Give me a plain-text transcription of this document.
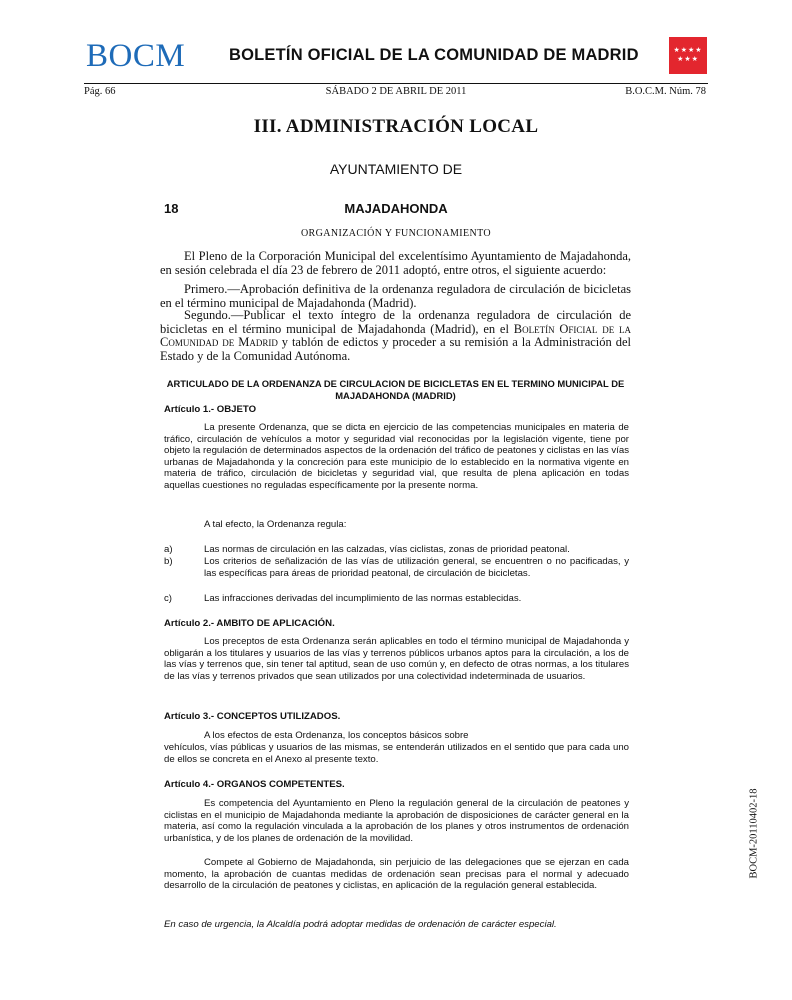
BOCM	BOLETÍN OFICIAL DE LA COMUNIDAD DE MADRID	★★★★
★★★
Pág. 66	SÁBADO 2 DE ABRIL DE 2011	B.O.C.M. Núm. 78
III. ADMINISTRACIÓN LOCAL
AYUNTAMIENTO DE
18	MAJADAHONDA
ORGANIZACIÓN Y FUNCIONAMIENTO
El Pleno de la Corporación Municipal del excelentísimo Ayuntamiento de Majadahonda, en sesión celebrada el día 23 de febrero de 2011 adoptó, entre otros, el siguiente acuerdo:
Primero.—Aprobación definitiva de la ordenanza reguladora de circulación de bicicletas en el término municipal de Majadahonda (Madrid).
Segundo.—Publicar el texto íntegro de la ordenanza reguladora de circulación de bicicletas en el término municipal de Majadahonda (Madrid), en el Boletín Oficial de la Comunidad de Madrid y tablón de edictos y proceder a su remisión a la Administración del Estado y de la Comunidad Autónoma.
ARTICULADO DE LA ORDENANZA DE CIRCULACION DE BICICLETAS EN EL TERMINO MUNICIPAL DE MAJADAHONDA (MADRID)
Artículo 1.- OBJETO
La presente Ordenanza, que se dicta en ejercicio de las competencias municipales en materia de tráfico, circulación de vehículos a motor y seguridad vial reconocidas por la legislación vigente, tiene por objeto la regulación de determinados aspectos de la ordenación del tráfico de peatones y ciclistas en las vías urbanas de Majadahonda y la concreción para este municipio de lo establecido en la normativa vigente en materia de tráfico, circulación de bicicletas y seguridad vial, que resulta de plena aplicación en todas aquellas cuestiones no reguladas específicamente por la presente norma.
A tal efecto, la Ordenanza regula:
a)	Las normas de circulación en las calzadas, vías ciclistas, zonas de prioridad peatonal.
b)	Los criterios de señalización de las vías de utilización general, se encuentren o no pacificadas, y las específicas para áreas de prioridad peatonal, de circulación de bicicletas.
c)	Las infracciones derivadas del incumplimiento de las normas establecidas.
Artículo 2.- AMBITO DE APLICACIÓN.
Los preceptos de esta Ordenanza serán aplicables en todo el término municipal de Majadahonda y obligarán a los titulares y usuarios de las vías y terrenos públicos urbanos aptos para la circulación, a los de las vías y terrenos que, sin tener tal aptitud, sean de uso común y, en defecto de otras normas, a los titulares de las vías y terrenos privados que sean utilizados por una colectividad indeterminada de usuarios.
Artículo 3.- CONCEPTOS UTILIZADOS.
A los efectos de esta Ordenanza, los conceptos básicos sobre
vehículos, vías públicas y usuarios de las mismas, se entenderán utilizados en el sentido que para cada uno de ellos se concreta en el Anexo al presente texto.
Artículo 4.- ORGANOS COMPETENTES.
Es competencia del Ayuntamiento en Pleno la regulación general de la circulación de peatones y ciclistas en el municipio de Majadahonda mediante la aprobación de disposiciones de carácter general en la materia, así como la regulación vinculada a la aprobación de los planes y otros instrumentos de ordenación urbanística, y de los planes de ordenación de la movilidad.
Compete al Gobierno de Majadahonda, sin perjuicio de las delegaciones que se ejerzan en cada momento, la aprobación de cuantas medidas de ordenación sean precisas para el normal y adecuado desarrollo de la circulación de peatones y ciclistas, en aplicación de la regulación general establecida.
En caso de urgencia, la Alcaldía podrá adoptar medidas de ordenación de carácter especial.
BOCM-20110402-18
